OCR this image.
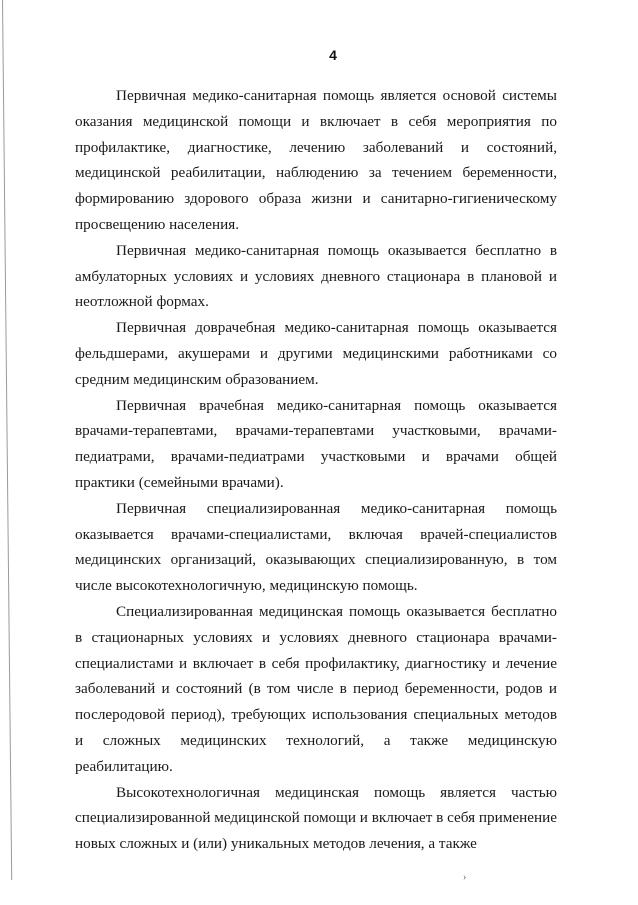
4

Первичная медико-санитарная помощь является основой системы оказания медицинской помощи и включает в себя мероприятия по профилактике, диагностике, лечению заболеваний и состояний, медицинской реабилитации, наблюдению за течением беременности, формированию здорового образа жизни и санитарно-гигиеническому просвещению населения.

Первичная медико-санитарная помощь оказывается бесплатно в амбулаторных условиях и условиях дневного стационара в плановой и неотложной формах.

Первичная доврачебная медико-санитарная помощь оказывается фельдшерами, акушерами и другими медицинскими работниками со средним медицинским образованием.

Первичная врачебная медико-санитарная помощь оказывается врачами-терапевтами, врачами-терапевтами участковыми, врачами-педиатрами, врачами-педиатрами участковыми и врачами общей практики (семейными врачами).

Первичная специализированная медико-санитарная помощь оказывается врачами-специалистами, включая врачей-специалистов медицинских организаций, оказывающих специализированную, в том числе высокотехнологичную, медицинскую помощь.

Специализированная медицинская помощь оказывается бесплатно в стационарных условиях и условиях дневного стационара врачами-специалистами и включает в себя профилактику, диагностику и лечение заболеваний и состояний (в том числе в период беременности, родов и послеродовой период), требующих использования специальных методов и сложных медицинских технологий, а также медицинскую реабилитацию.

Высокотехнологичная медицинская помощь является частью специализированной медицинской помощи и включает в себя применение новых сложных и (или) уникальных методов лечения, а также

›
